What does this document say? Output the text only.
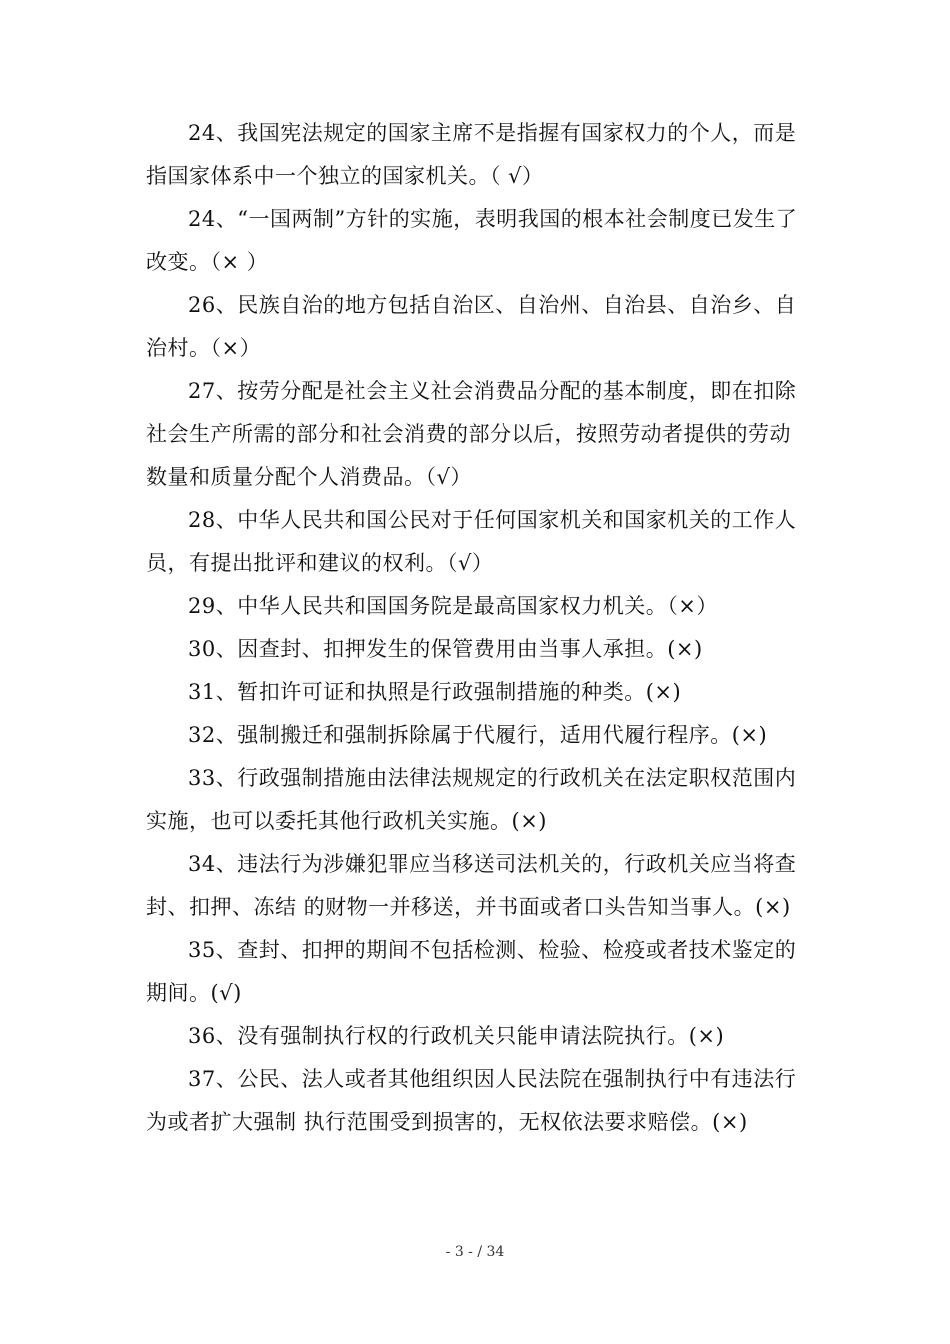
24、我国宪法规定的国家主席不是指握有国家权力的个人，而是指国家体系中一个独立的国家机关。（ √）

24、“一国两制”方针的实施，表明我国的根本社会制度已发生了改变。（× ）

26、民族自治的地方包括自治区、自治州、自治县、自治乡、自治村。（×）

27、按劳分配是社会主义社会消费品分配的基本制度，即在扣除社会生产所需的部分和社会消费的部分以后，按照劳动者提供的劳动数量和质量分配个人消费品。（√）

28、中华人民共和国公民对于任何国家机关和国家机关的工作人员，有提出批评和建议的权利。（√）

29、中华人民共和国国务院是最高国家权力机关。（×）

30、因查封、扣押发生的保管费用由当事人承担。(×)

31、暂扣许可证和执照是行政强制措施的种类。(×)

32、强制搬迁和强制拆除属于代履行，适用代履行程序。(×)

33、行政强制措施由法律法规规定的行政机关在法定职权范围内实施，也可以委托其他行政机关实施。(×)

34、违法行为涉嫌犯罪应当移送司法机关的，行政机关应当将查封、扣押、冻结 的财物一并移送，并书面或者口头告知当事人。(×)

35、查封、扣押的期间不包括检测、检验、检疫或者技术鉴定的期间。(√)

36、没有强制执行权的行政机关只能申请法院执行。(×)

37、公民、法人或者其他组织因人民法院在强制执行中有违法行为或者扩大强制 执行范围受到损害的，无权依法要求赔偿。(×)

- 3 - / 34
